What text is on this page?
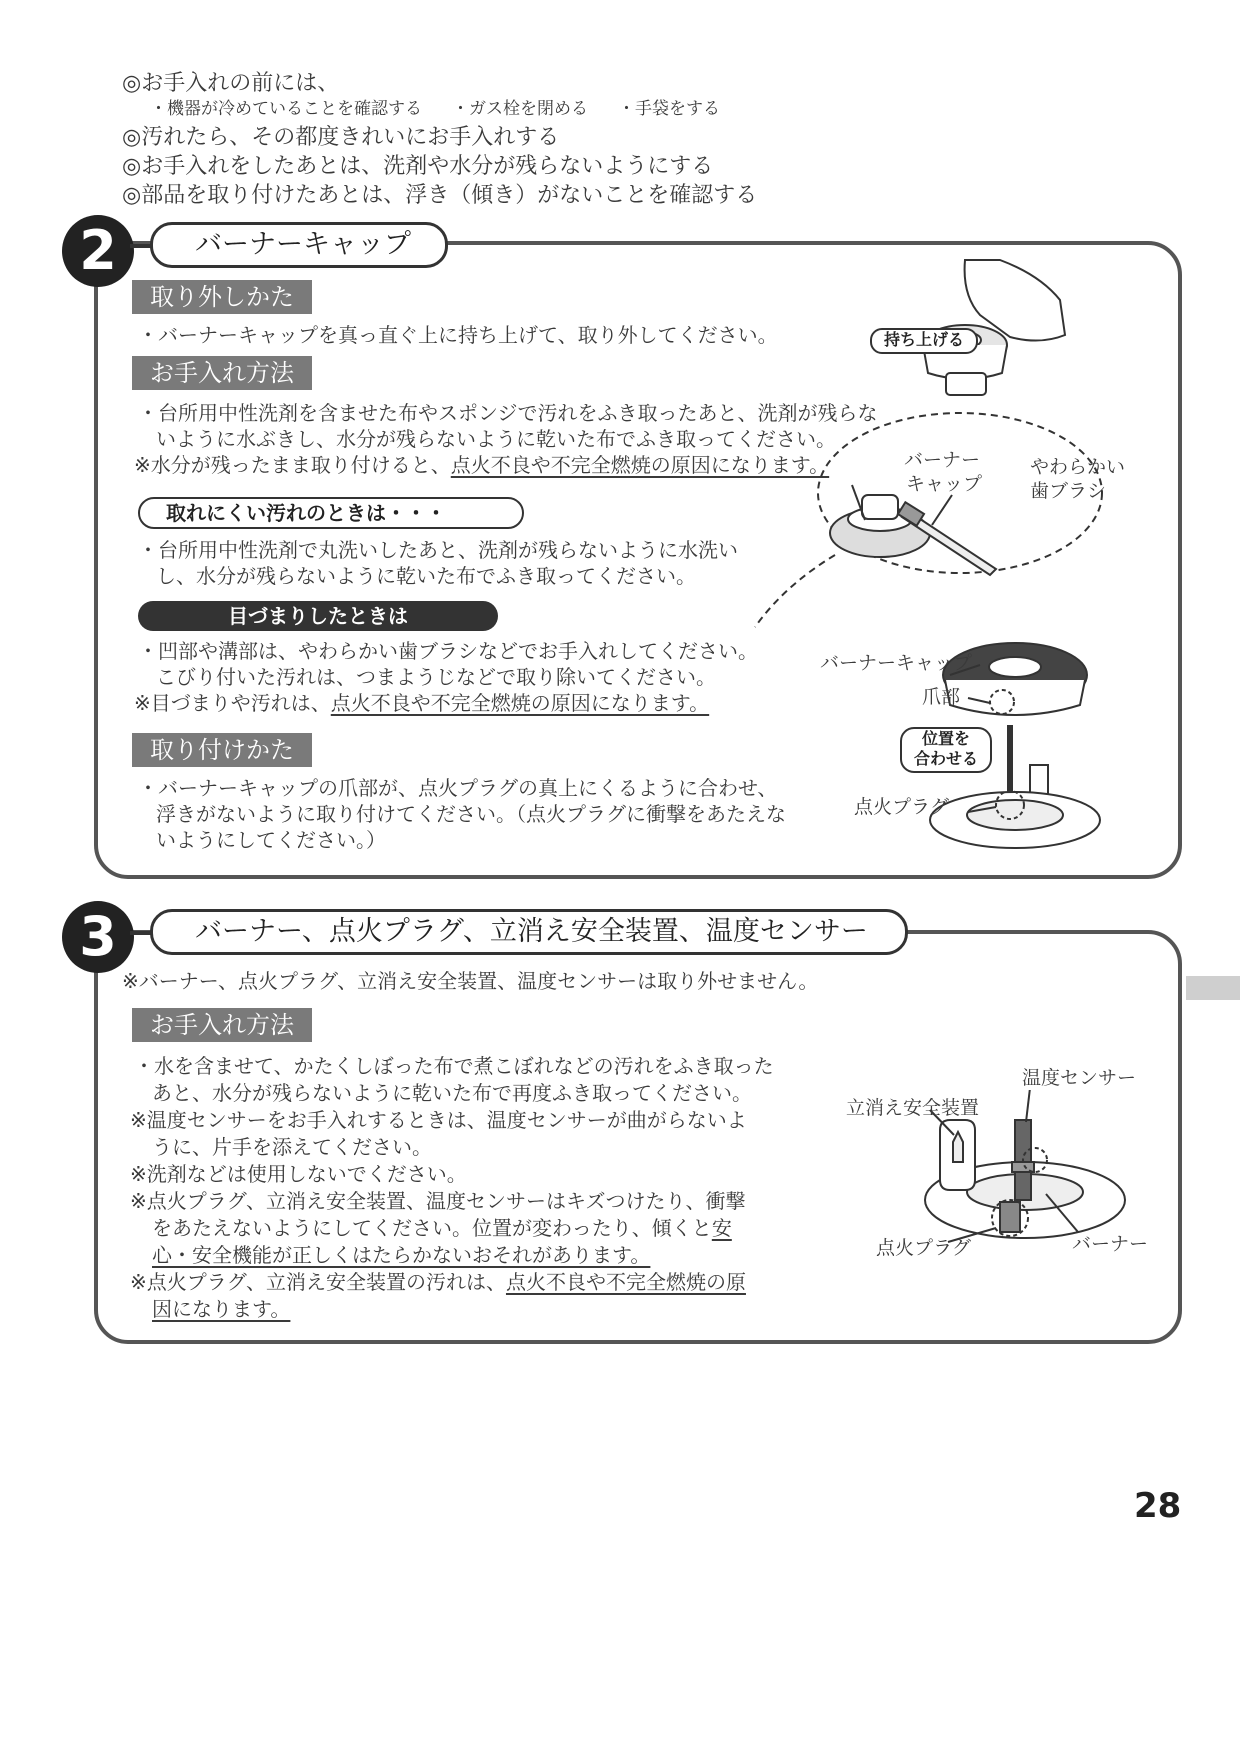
◎お手入れの前には、
・機器が冷めていることを確認する ・ガス栓を閉める ・手袋をする
◎汚れたら、その都度きれいにお手入れする
◎お手入れをしたあとは、洗剤や水分が残らないようにする
◎部品を取り付けたあとは、浮き（傾き）がないことを確認する
2	バーナーキャップ
取り外しかた
・バーナーキャップを真っ直ぐ上に持ち上げて、取り外してください。
お手入れ方法
・台所用中性洗剤を含ませた布やスポンジで汚れをふき取ったあと、洗剤が残らな
いように水ぶきし、水分が残らないように乾いた布でふき取ってください。
※水分が残ったまま取り付けると、点火不良や不完全燃焼の原因になります。
取れにくい汚れのときは・・・
・台所用中性洗剤で丸洗いしたあと、洗剤が残らないように水洗い
し、水分が残らないように乾いた布でふき取ってください。
目づまりしたときは
・凹部や溝部は、やわらかい歯ブラシなどでお手入れしてください。
こびり付いた汚れは、つまようじなどで取り除いてください。
※目づまりや汚れは、点火不良や不完全燃焼の原因になります。
取り付けかた
・バーナーキャップの爪部が、点火プラグの真上にくるように合わせ、
浮きがないように取り付けてください。（点火プラグに衝撃をあたえな
いようにしてください。）
持ち上げる
バーナー
キャップ
やわらかい
歯ブラシ
バーナーキャップ
爪部
位置を
合わせる
点火プラグ
3	バーナー、点火プラグ、立消え安全装置、温度センサー
※バーナー、点火プラグ、立消え安全装置、温度センサーは取り外せません。
お手入れ方法
・水を含ませて、かたくしぼった布で煮こぼれなどの汚れをふき取った
あと、水分が残らないように乾いた布で再度ふき取ってください。
※温度センサーをお手入れするときは、温度センサーが曲がらないよ
うに、片手を添えてください。
※洗剤などは使用しないでください。
※点火プラグ、立消え安全装置、温度センサーはキズつけたり、衝撃
をあたえないようにしてください。位置が変わったり、傾くと安
心・安全機能が正しくはたらかないおそれがあります。
※点火プラグ、立消え安全装置の汚れは、点火不良や不完全燃焼の原
因になります。
温度センサー
立消え安全装置
点火プラグ	バーナー
28
